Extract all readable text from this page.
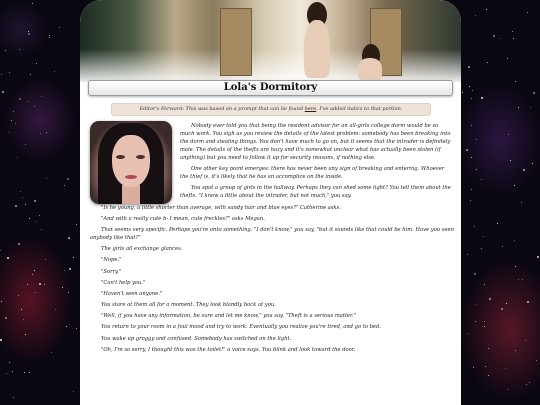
Lola's Dormitory
Editor's Forward: This was based on a prompt that can be found here. I've added italics to that portion.

Nobody ever told you that being the resident advisor for an all-girls college dorm would be so much work. You sigh as you review the details of the latest problem: somebody has been breaking into the dorm and stealing things. You don't have much to go on, but it seems that the intruder is definitely male. The details of the thefts are hazy and it's somewhat unclear what has actually been stolen (if anything) but you need to follow it up for security reasons, if nothing else.

One other key point emerges: there has never been any sign of breaking and entering. Whoever the thief is, it's likely that he has an accomplice on the inside.

You spot a group of girls in the hallway. Perhaps they can shed some light? You tell them about the thefts. "I know a little about the intruder, but not much," you say.

"Is he young, a little shorter than average, with sandy hair and blue eyes?" Catherine asks.

"And with a really cute b- I mean, cute freckles?" asks Megan.

That seems very specific. Perhaps you're onto something. "I don't know," you say, "but it sounds like that could be him. Have you seen anybody like that?"

The girls all exchange glances.

"Nope."

"Sorry."

"Can't help you."

"Haven't seen anyone."

You stare at them all for a moment. They look blandly back at you.

"Well, if you have any information, be sure and let me know," you say. "Theft is a serious matter."

You return to your room in a foul mood and try to work. Eventually you realize you're tired, and go to bed.

You wake up groggy and confused. Somebody has switched on the light.

"Oh, I'm so sorry, I thought this was the toilet!" a voice says. You blink and look toward the door.
